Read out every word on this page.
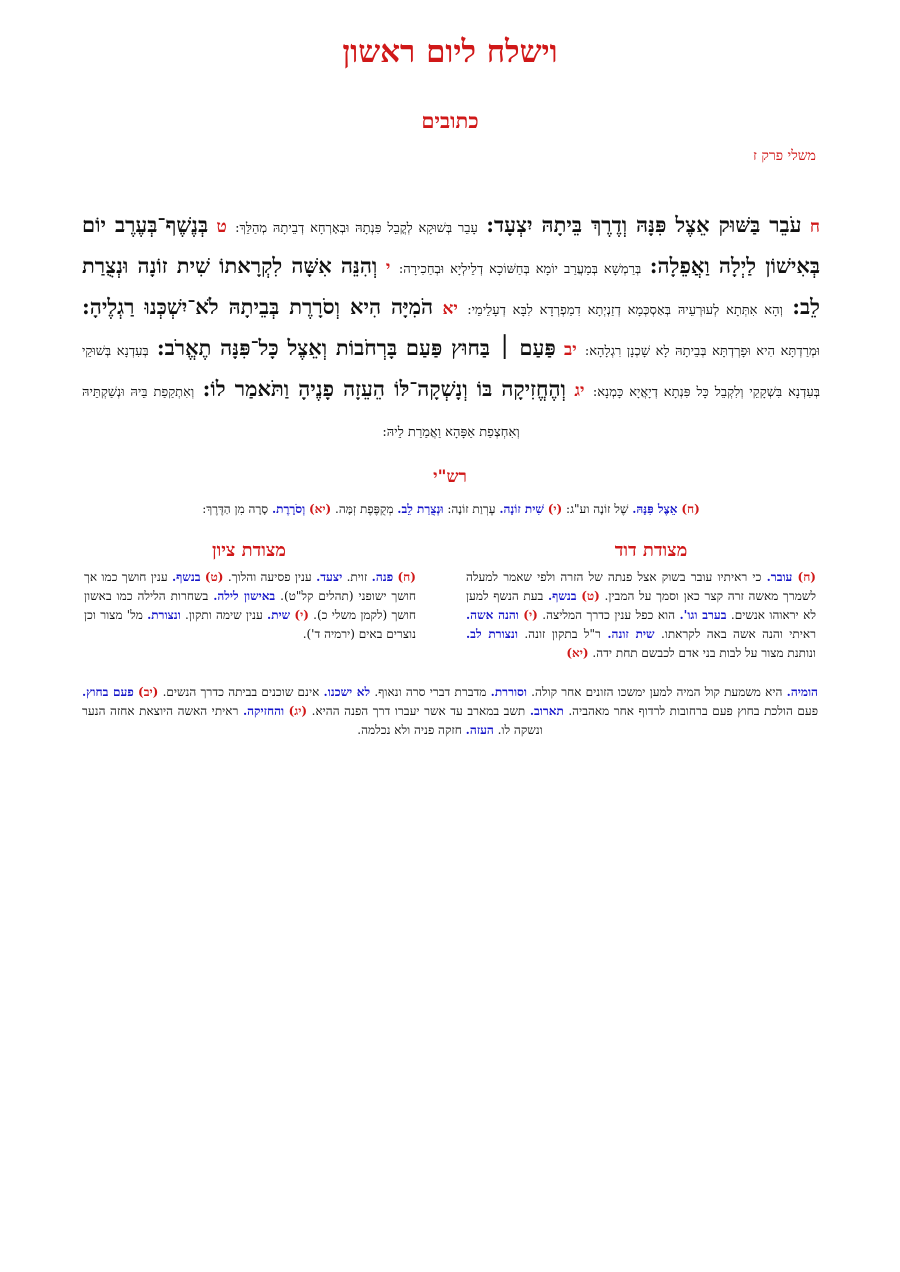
וישלח ליום ראשון
כתובים
משלי פרק ז
ח עֹבֵר בַּשּׁוּק אֵצֶל פִּנָּהּ וְדֶרֶךְ בֵּיתָהּ יִצְעָד: עָבֵר בְּשׁוּקָא לְקֳבֵל פִּנְתָהּ וּבְאָרְחָא דְבֵיתָהּ מְהַלֵּךְ: ט בְּנֶשֶׁף־בְּעֶרֶב יוֹם בְּאִישׁוֹן לַיְלָה וַאֲפֵלָה: בְּרַמְשָׁא בְּמַעֲרַב יוֹמָא בְּחַשּׁוֹכָא דְלֵילְיָא וּבְחַכִירָה: י וְהִנֵּה אִשָּׁה לִקְרָאתוֹ שִׁית זוֹנָה וּנְצֻרַת לֵב: וְהָא אִתְּתָא לְעוּרְעֵיהּ בְּאַסְכְּמָא דְזַנְיְתָא דִמַפְרְדָא לִבָּא דְעָלֵימֵי: יא הֹמִיָּה הִיא וְסֹרָרֶת בְּבֵיתָהּ לֹא־יִשְׁכְּנוּ רַגְלֶיהָ: וּמְרַדְתָּא הִיא וּפָרְדְתָּא בְּבֵיתָהּ לָא שָׁכְנָן רִגְלָהָא: יב פַּעַם ׀ בַּחוּץ פַּעַם בָּרְחֹבוֹת וְאֵצֶל כָּל־פִּנָּה תֶאֱרֹב: בְּעִדְנָא בְּשׁוּקֵי בְּעִדְנָא בִּשְׁקָקֵי וְלִקְבֵל כָּל פִּנְתָא דְיָאֲיָא כָּמְנָא: יג וְהֶחֱזִיקָה בּוֹ וְנָשְׁקָה־לּוֹ הֵעֵזָה פָנֶיהָ וַתֹּאמַר לוֹ: וְאִתְקַפַת בֵּיהּ וּנְשַׁקְתֵּיהּ וְאִחְצְפַת אַפָּהָא וַאֲמַרַת לֵיהּ:
רש"י
(ח) אֵצֶל פִּנָּהּ. שֶׁל זוֹנָה וע"ג: (י) שִׁית זוֹנָה. עֶרְוַת זוֹנָה: וּנְצֻרַת לֵב. מְקֻפֶּפֶת זְמָּה. (יא) וְסֹרָרֶת. סָרָה מִן הַדֶּרֶךְ:
מצודת דוד
מצודת ציון
(ח) עובר. כי ראיתיו עובר בשוק אצל פנתה של הזרה ולפי שאמר למעלה לשמרך מאשה זרה קצר כאן וסמך על המבין. (ט) בנשף. בעת הנשף למען לא יראוהו אנשים. בערב וגו'. הוא כפל ענין כדרך המליצה. (י) והנה אשה. ראיתי והנה אשה באה לקראתו. שית זונה. ר"ל בתקון זונה. ונצורת לב. ונותנת מצור על לבות בני אדם לכבשם תחת ידה. (יא)
(ח) פנה. זוית. יצעד. ענין פסיעה והלוך. (ט) בנשף. ענין חושך כמו אך חושך ישופני (תהלים קל"ט). באישון לילה. בשחרות הלילה כמו באשון חושך (לקמן משלי כ). (י) שית. ענין שימה ותקון. ונצורת. מל' מצור וכן נוצרים באים (ירמיה ד').
הומיה. היא משמעת קול המיה למען ימשכו הזונים אחר קולה. וסוררת. מדברת דברי סרה ונאוף. לא ישכנו. אינם שוכנים בביתה כדרך הנשים. (יב) פעם בחוץ. פעם הולכת בחוץ פעם ברחובות לרדוף אחר מאהביה. תארוב. תשב במארב עד אשר יעברו דרך הפנה ההיא. (יג) והחזיקה. ראיתי האשה היוצאת אחזה הנער ונשקה לו. העזה. חזקה פניה ולא נכלמה.
